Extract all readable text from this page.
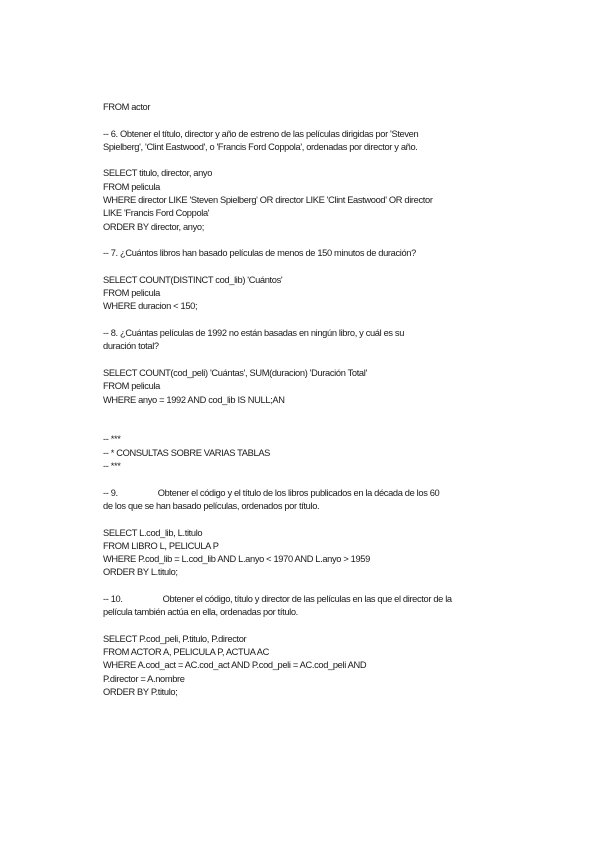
FROM actor
-- 6. Obtener el título, director y año de estreno de las películas dirigidas por 'Steven
Spielberg', 'Clint Eastwood', o 'Francis Ford Coppola', ordenadas por director y año.
SELECT titulo, director, anyo
FROM pelicula
WHERE director LIKE 'Steven Spielberg' OR director LIKE 'Clint Eastwood' OR director
LIKE 'Francis Ford Coppola'
ORDER BY director, anyo;
-- 7. ¿Cuántos libros han basado películas de menos de 150 minutos de duración?
SELECT COUNT(DISTINCT cod_lib) 'Cuántos'
FROM pelicula
WHERE duracion < 150;
-- 8. ¿Cuántas películas de 1992 no están basadas en ningún libro, y cuál es su
duración total?
SELECT COUNT(cod_peli) 'Cuántas', SUM(duracion) 'Duración Total'
FROM pelicula
WHERE anyo = 1992 AND cod_lib IS NULL;AN
-- ***
-- * CONSULTAS SOBRE VARIAS TABLAS
-- ***
-- 9.	Obtener el código y el título de los libros publicados en la década de los 60
de los que se han basado películas, ordenados por título.
SELECT L.cod_lib, L.titulo
FROM LIBRO L, PELICULA P
WHERE P.cod_lib = L.cod_lib AND L.anyo < 1970 AND L.anyo > 1959
ORDER BY L.titulo;
-- 10.	Obtener el código, título y director de las películas en las que el director de la
película también actúa en ella, ordenadas por título.
SELECT P.cod_peli, P.titulo, P.director
FROM ACTOR A, PELICULA P, ACTUA AC
WHERE A.cod_act = AC.cod_act AND P.cod_peli = AC.cod_peli AND
P.director = A.nombre
ORDER BY P.titulo;
